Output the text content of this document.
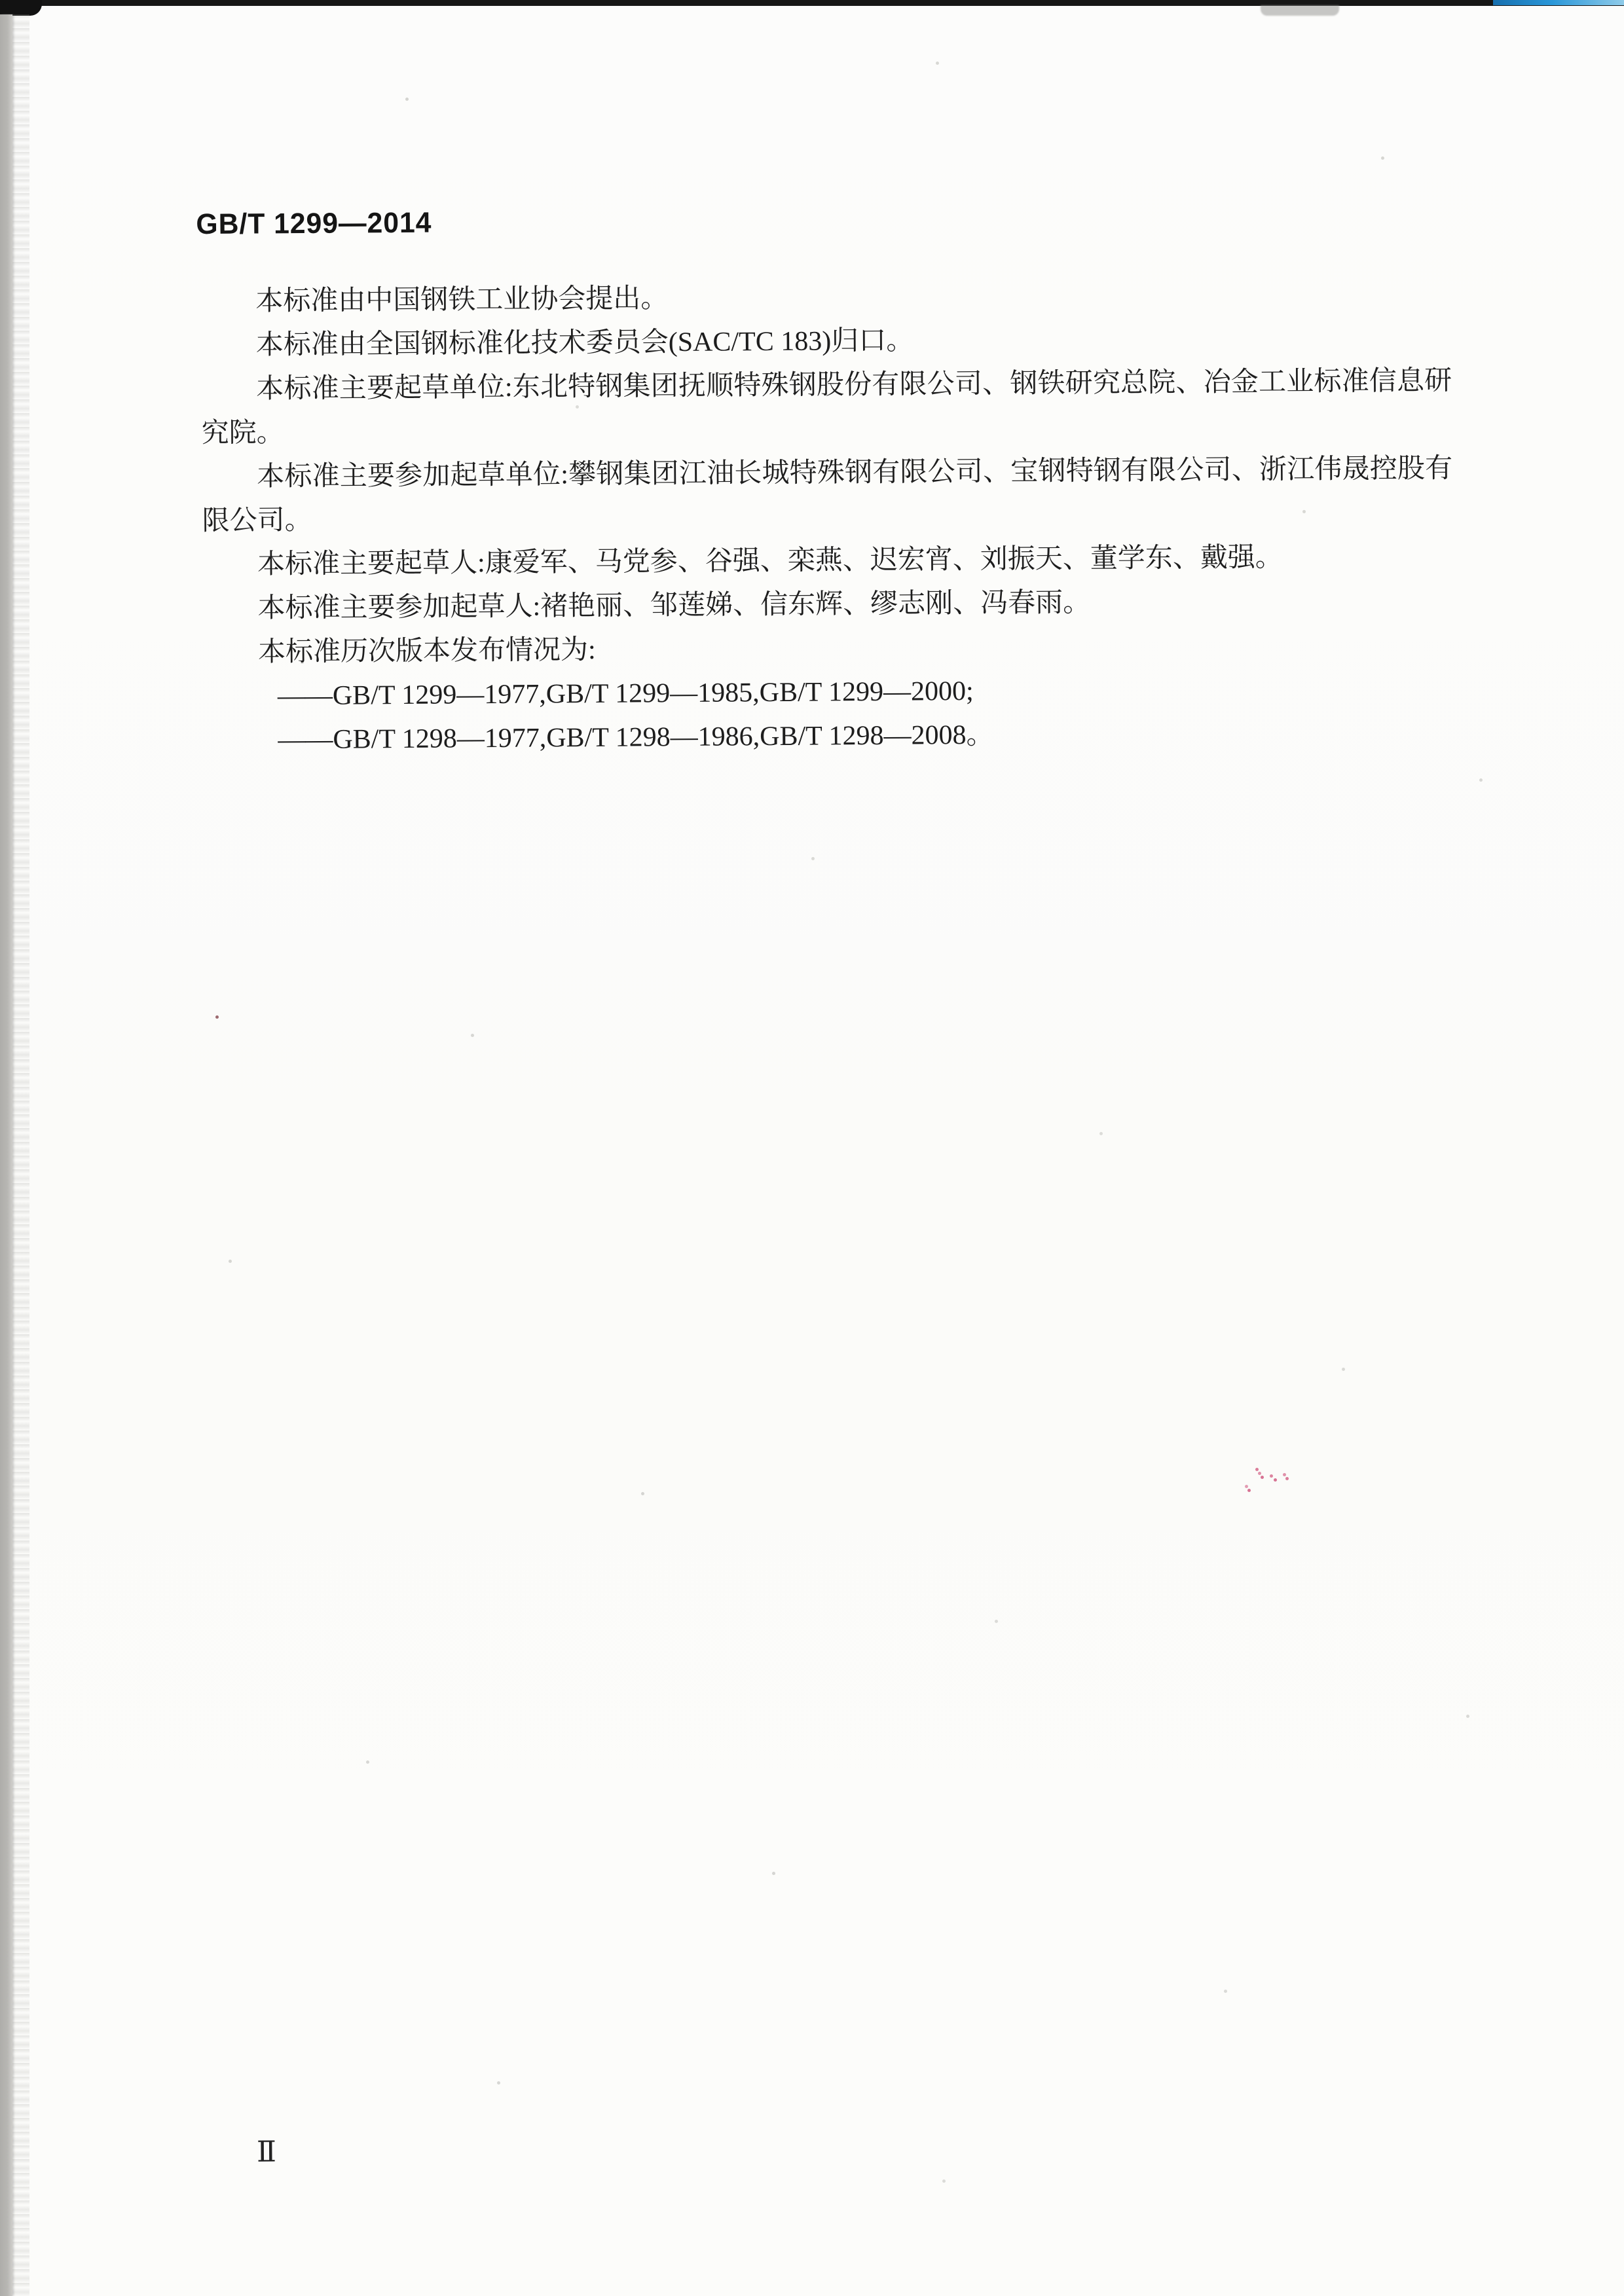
GB/T 1299—2014

本标准由中国钢铁工业协会提出。

本标准由全国钢标准化技术委员会(SAC/TC 183)归口。

本标准主要起草单位:东北特钢集团抚顺特殊钢股份有限公司、钢铁研究总院、冶金工业标准信息研究院。

本标准主要参加起草单位:攀钢集团江油长城特殊钢有限公司、宝钢特钢有限公司、浙江伟晟控股有限公司。

本标准主要起草人:康爱军、马党参、谷强、栾燕、迟宏宵、刘振天、董学东、戴强。

本标准主要参加起草人:褚艳丽、邹莲娣、信东辉、缪志刚、冯春雨。

本标准历次版本发布情况为:

——GB/T 1299—1977,GB/T 1299—1985,GB/T 1299—2000;

——GB/T 1298—1977,GB/T 1298—1986,GB/T 1298—2008。

Ⅱ
